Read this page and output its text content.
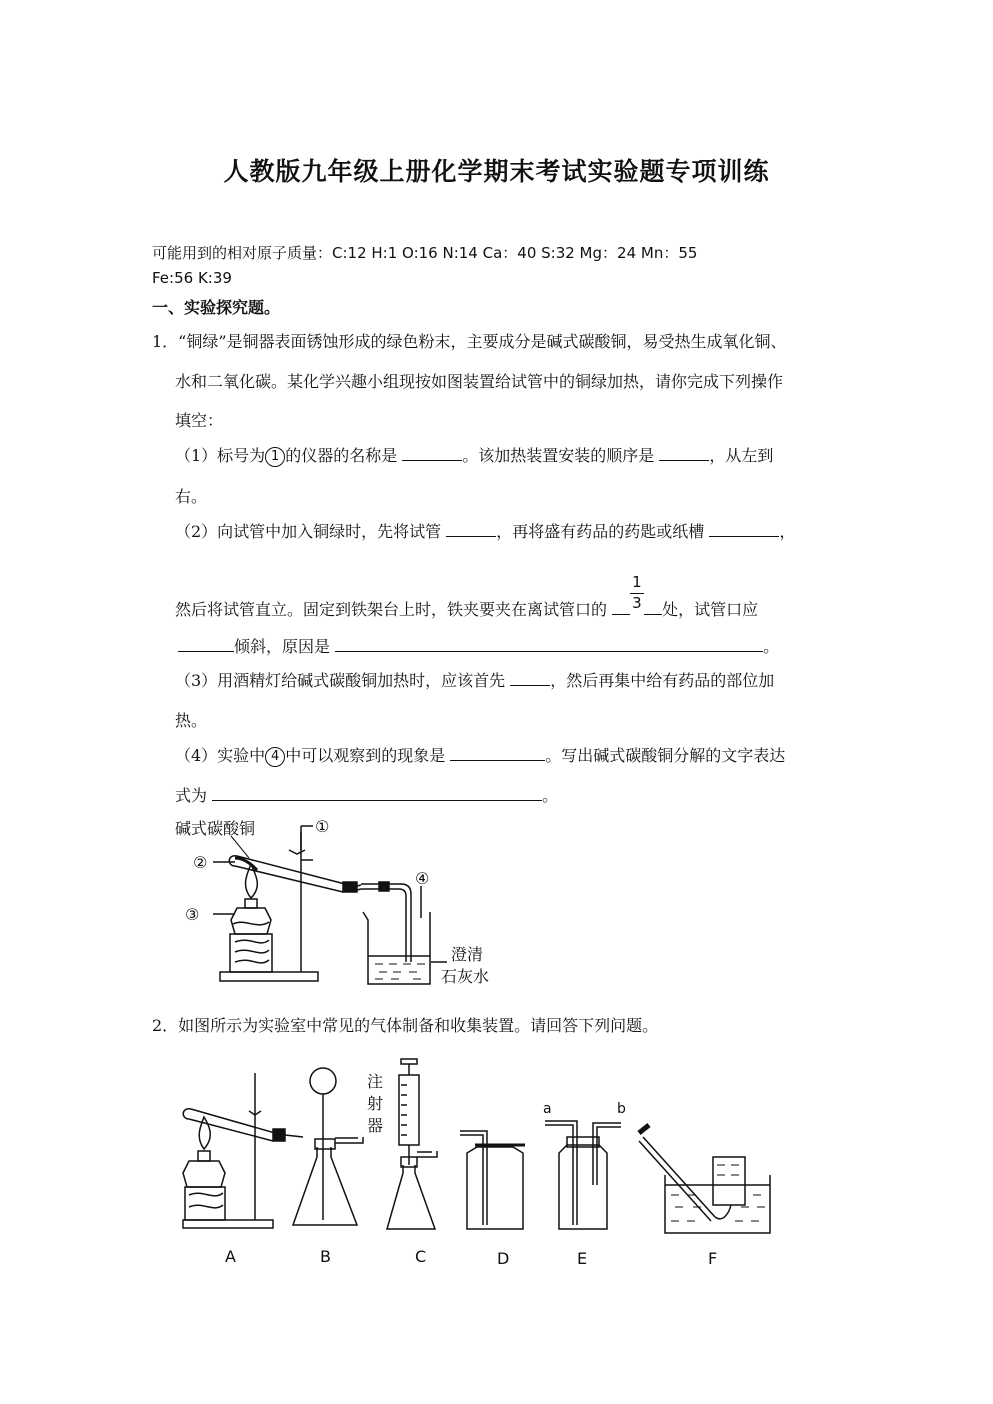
人教版九年级上册化学期末考试实验题专项训练
可能用到的相对原子质量：C:12 H:1 O:16 N:14 Ca：40 S:32 Mg：24 Mn：55
Fe:56 K:39
一、实验探究题。
1．“铜绿”是铜器表面锈蚀形成的绿色粉末，主要成分是碱式碳酸铜，易受热生成氧化铜、
水和二氧化碳。某化学兴趣小组现按如图装置给试管中的铜绿加热，请你完成下列操作
填空：
（1）标号为 1 的仪器的名称是	。该加热装置安装的顺序是	，从左到
右。
（2）向试管中加入铜绿时，先将试管	，再将盛有药品的药匙或纸槽	，
然后将试管直立。固定到铁架台上时，铁夹要夹在离试管口的 $\frac{1}{3}$ 处，试管口应
倾斜，原因是	。
（3）用酒精灯给碱式碳酸铜加热时，应该首先	，然后再集中给有药品的部位加
热。
（4）实验中 4 中可以观察到的现象是	。写出碱式碳酸铜分解的文字表达
式为	。
碱式碳酸铜	①
②
③
④
澄清
石灰水
2．如图所示为实验室中常见的气体制备和收集装置。请回答下列问题。
注
射
器
a	b
A	B	C	D	E	F
